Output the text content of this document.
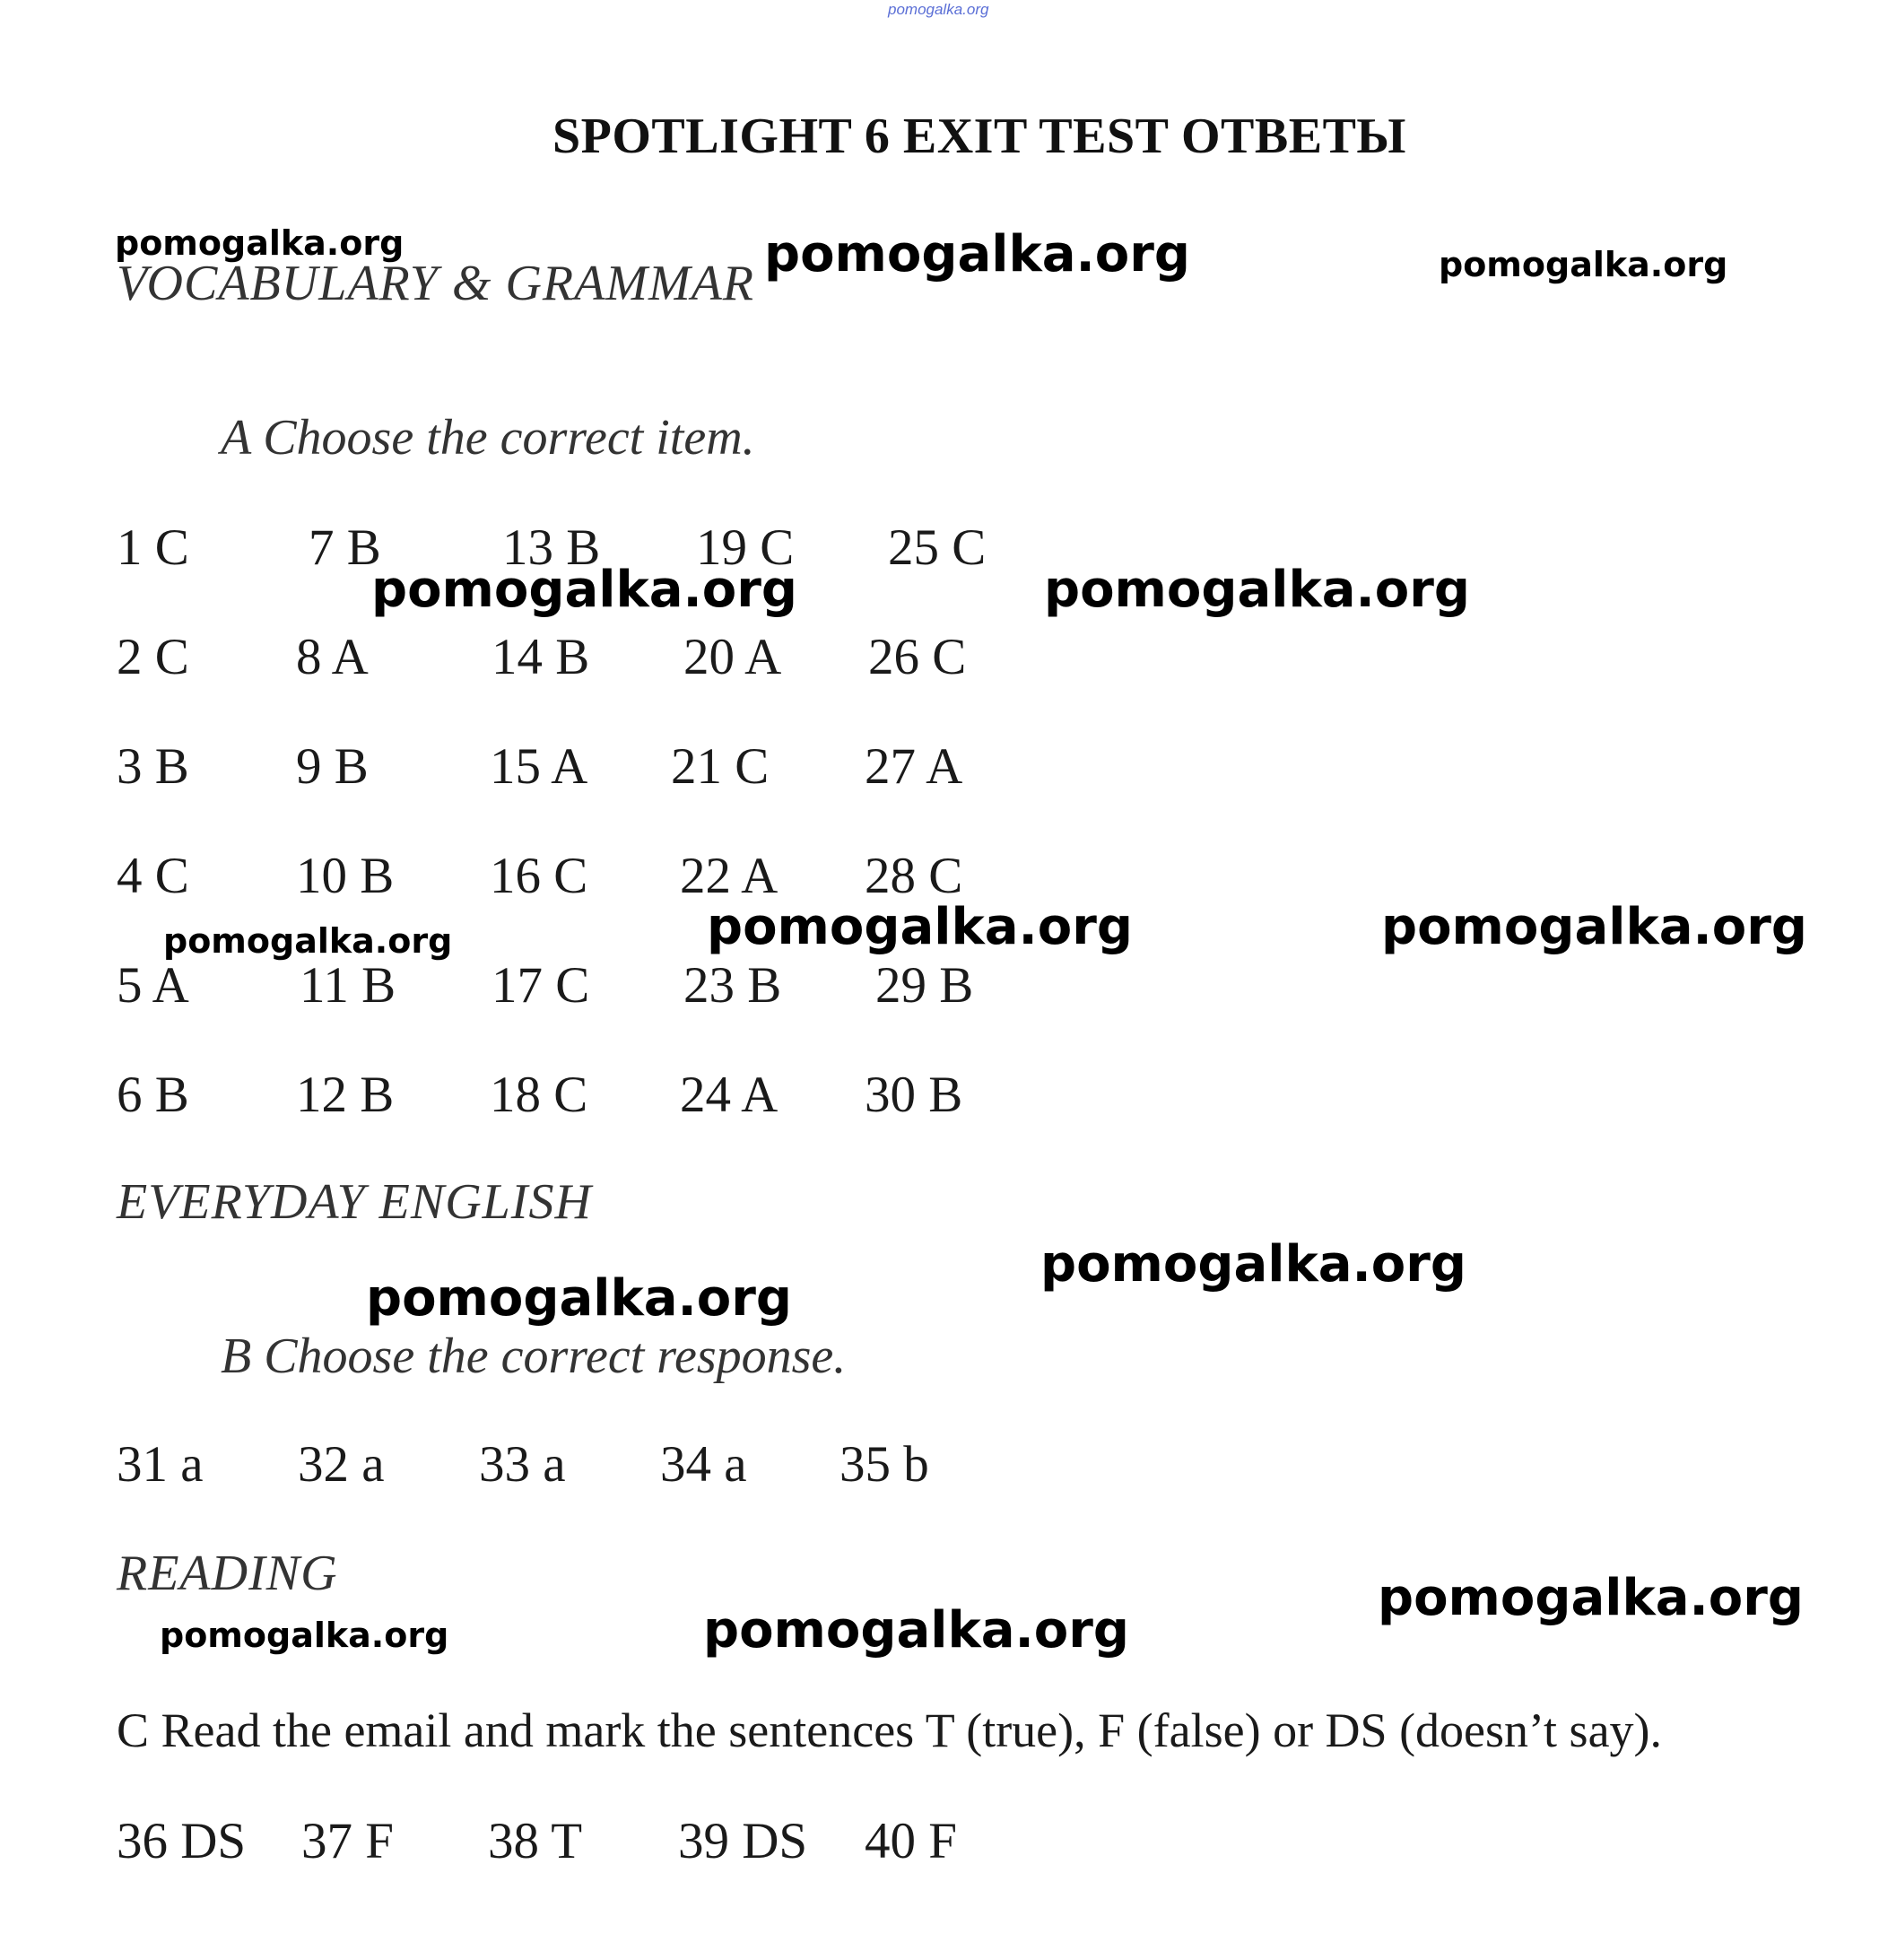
pomogalka.org
SPOTLIGHT 6 EXIT TEST ОТВЕТЫ
VOCABULARY & GRAMMAR
A Choose the correct item.
1 C 7 B 13 B 19 C 25 C
2 C 8 A 14 B 20 A 26 C
3 B 9 B 15 A 21 C 27 A
4 C 10 B 16 C 22 A 28 C
5 A 11 B 17 C 23 B 29 B
6 B 12 B 18 C 24 A 30 B
EVERYDAY ENGLISH
B Choose the correct response.
31 a 32 a 33 a 34 a 35 b
READING
C Read the email and mark the sentences T (true), F (false) or DS (doesn’t say).
36 DS 37 F 38 T 39 DS 40 F
pomogalka.org	pomogalka.org	pomogalka.org
pomogalka.org	pomogalka.org
pomogalka.org	pomogalka.org	pomogalka.org
pomogalka.org
pomogalka.org
pomogalka.org
pomogalka.org	pomogalka.org
